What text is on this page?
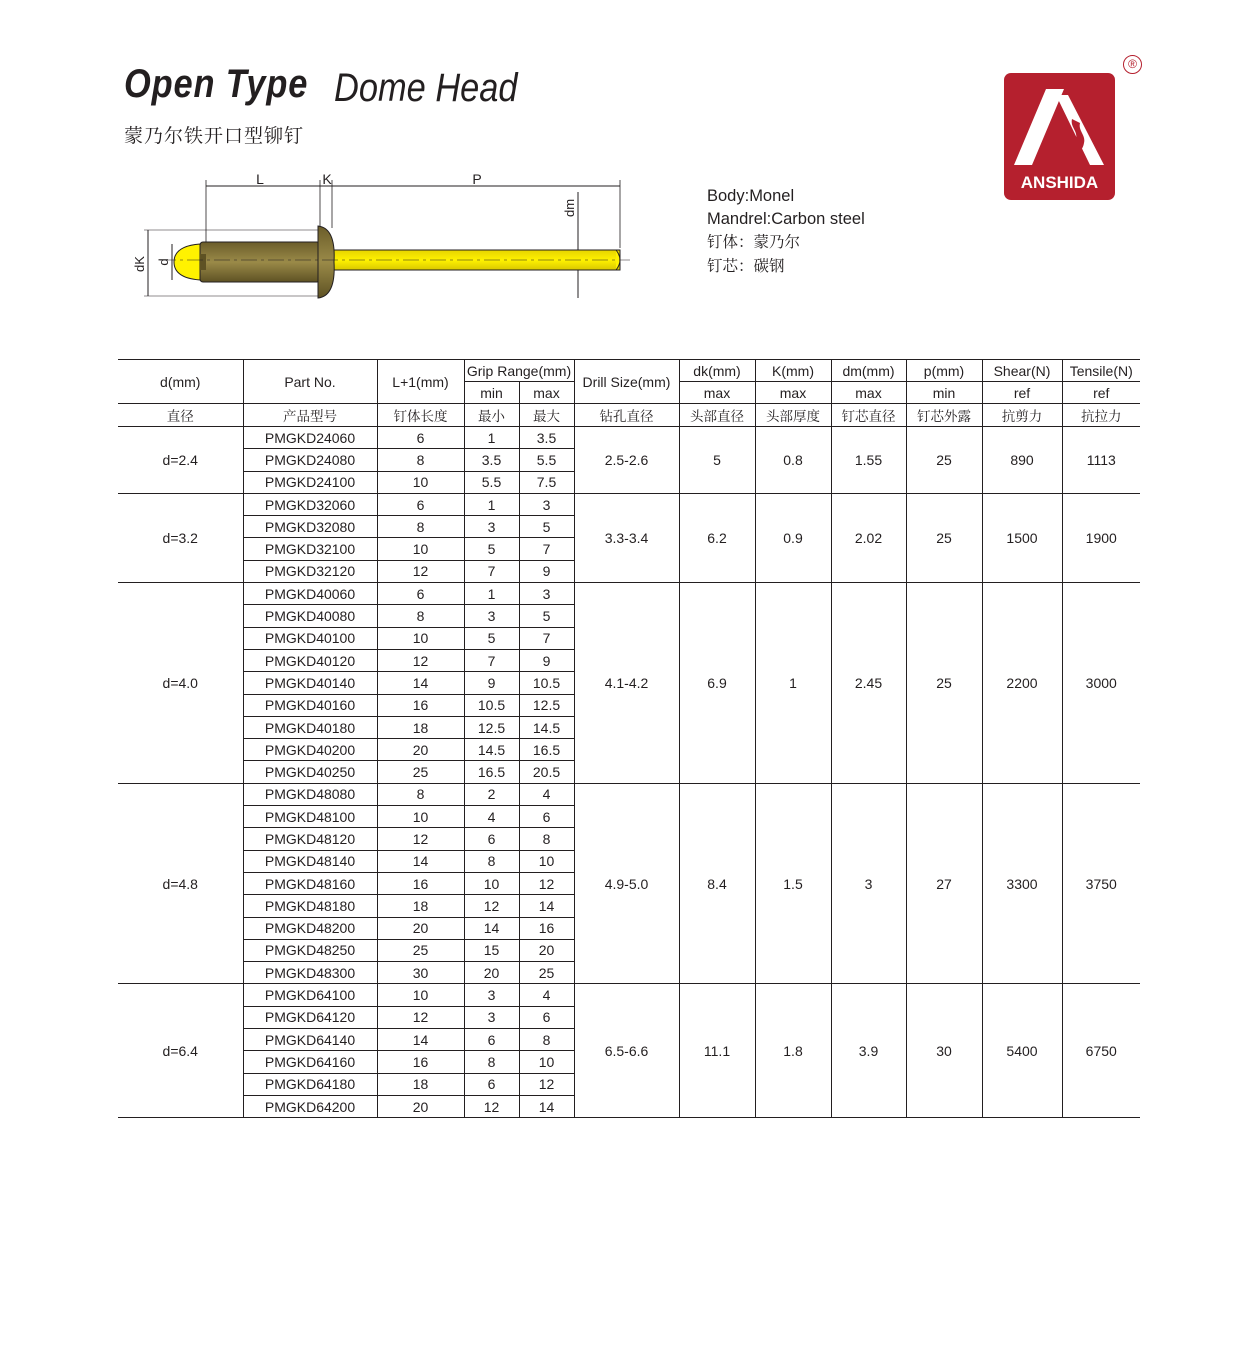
Open Type Dome Head
蒙乃尔铁开口型铆钉
ANSHIDA
®
L	K	P
dK d
dm
Body:Monel
Mandrel:Carbon steel
钉体：蒙乃尔
钉芯：碳钢
d(mm)	Part No.	L+1(mm)	Grip Range(mm)		Drill Size(mm)	dk(mm)	K(mm)	dm(mm)	p(mm)	Shear(N)	Tensile(N)
			min	max		max	max	max	min	ref	ref
直径	产品型号	钉体长度	最小	最大	钻孔直径	头部直径	头部厚度	钉芯直径	钉芯外露	抗剪力	抗拉力
d=2.4	PMGKD24060	6	1	3.5	2.5-2.6	5	0.8	1.55	25	890	1113
	PMGKD24080	8	3.5	5.5							
	PMGKD24100	10	5.5	7.5							
d=3.2	PMGKD32060	6	1	3	3.3-3.4	6.2	0.9	2.02	25	1500	1900
	PMGKD32080	8	3	5							
	PMGKD32100	10	5	7							
	PMGKD32120	12	7	9							
d=4.0	PMGKD40060	6	1	3	4.1-4.2	6.9	1	2.45	25	2200	3000
	PMGKD40080	8	3	5							
	PMGKD40100	10	5	7							
	PMGKD40120	12	7	9							
	PMGKD40140	14	9	10.5							
	PMGKD40160	16	10.5	12.5							
	PMGKD40180	18	12.5	14.5							
	PMGKD40200	20	14.5	16.5							
	PMGKD40250	25	16.5	20.5							
d=4.8	PMGKD48080	8	2	4	4.9-5.0	8.4	1.5	3	27	3300	3750
	PMGKD48100	10	4	6							
	PMGKD48120	12	6	8							
	PMGKD48140	14	8	10							
	PMGKD48160	16	10	12							
	PMGKD48180	18	12	14							
	PMGKD48200	20	14	16							
	PMGKD48250	25	15	20							
	PMGKD48300	30	20	25							
d=6.4	PMGKD64100	10	3	4	6.5-6.6	11.1	1.8	3.9	30	5400	6750
	PMGKD64120	12	3	6							
	PMGKD64140	14	6	8							
	PMGKD64160	16	8	10							
	PMGKD64180	18	6	12							
	PMGKD64200	20	12	14							
